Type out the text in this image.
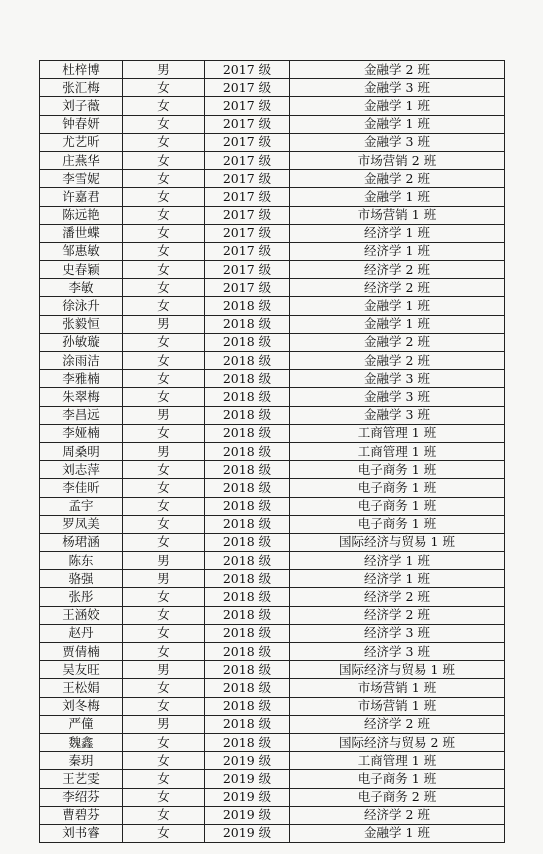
杜梓博	男	2017 级	金融学 2 班
张汇梅	女	2017 级	金融学 3 班
刘子薇	女	2017 级	金融学 1 班
钟春妍	女	2017 级	金融学 1 班
尤艺昕	女	2017 级	金融学 3 班
庄燕华	女	2017 级	市场营销 2 班
李雪妮	女	2017 级	金融学 2 班
许嘉君	女	2017 级	金融学 1 班
陈远艳	女	2017 级	市场营销 1 班
潘世蝶	女	2017 级	经济学 1 班
邹惠敏	女	2017 级	经济学 1 班
史春颖	女	2017 级	经济学 2 班
李敏	女	2017 级	经济学 2 班
徐泳升	女	2018 级	金融学 1 班
张毅恒	男	2018 级	金融学 1 班
孙敏璇	女	2018 级	金融学 2 班
涂雨洁	女	2018 级	金融学 2 班
李雅楠	女	2018 级	金融学 3 班
朱翠梅	女	2018 级	金融学 3 班
李昌远	男	2018 级	金融学 3 班
李娅楠	女	2018 级	工商管理 1 班
周桑明	男	2018 级	工商管理 1 班
刘志萍	女	2018 级	电子商务 1 班
李佳昕	女	2018 级	电子商务 1 班
孟宇	女	2018 级	电子商务 1 班
罗凤美	女	2018 级	电子商务 1 班
杨珺涵	女	2018 级	国际经济与贸易 1 班
陈东	男	2018 级	经济学 1 班
骆强	男	2018 级	经济学 1 班
张彤	女	2018 级	经济学 2 班
王涵姣	女	2018 级	经济学 2 班
赵丹	女	2018 级	经济学 3 班
贾倩楠	女	2018 级	经济学 3 班
吴友旺	男	2018 级	国际经济与贸易 1 班
王松娟	女	2018 级	市场营销 1 班
刘冬梅	女	2018 级	市场营销 1 班
严僮	男	2018 级	经济学 2 班
魏鑫	女	2018 级	国际经济与贸易 2 班
秦玥	女	2019 级	工商管理 1 班
王艺雯	女	2019 级	电子商务 1 班
李绍芬	女	2019 级	电子商务 2 班
曹碧芬	女	2019 级	经济学 2 班
刘书睿	女	2019 级	金融学 1 班
